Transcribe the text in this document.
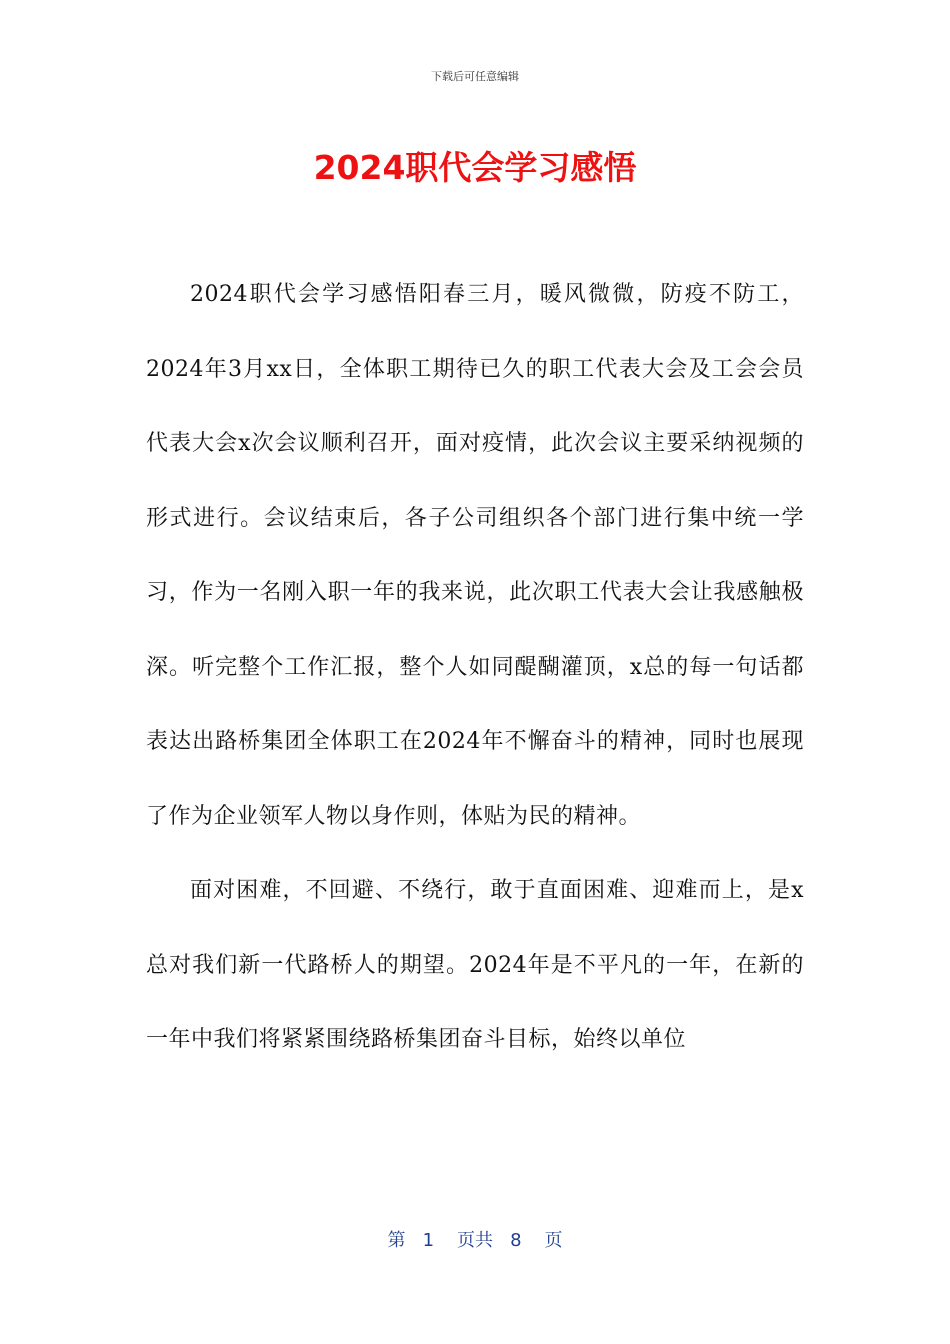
下载后可任意编辑
2024职代会学习感悟

2024职代会学习感悟阳春三月，暖风微微，防疫不防工，2024年3月xx日，全体职工期待已久的职工代表大会及工会会员代表大会x次会议顺利召开，面对疫情，此次会议主要采纳视频的形式进行。会议结束后，各子公司组织各个部门进行集中统一学习，作为一名刚入职一年的我来说，此次职工代表大会让我感触极深。听完整个工作汇报，整个人如同醍醐灌顶，x总的每一句话都表达出路桥集团全体职工在2024年不懈奋斗的精神，同时也展现了作为企业领军人物以身作则，体贴为民的精神。

面对困难，不回避、不绕行，敢于直面困难、迎难而上，是x总对我们新一代路桥人的期望。2024年是不平凡的一年，在新的一年中我们将紧紧围绕路桥集团奋斗目标，始终以单位

第 1 页共 8 页
